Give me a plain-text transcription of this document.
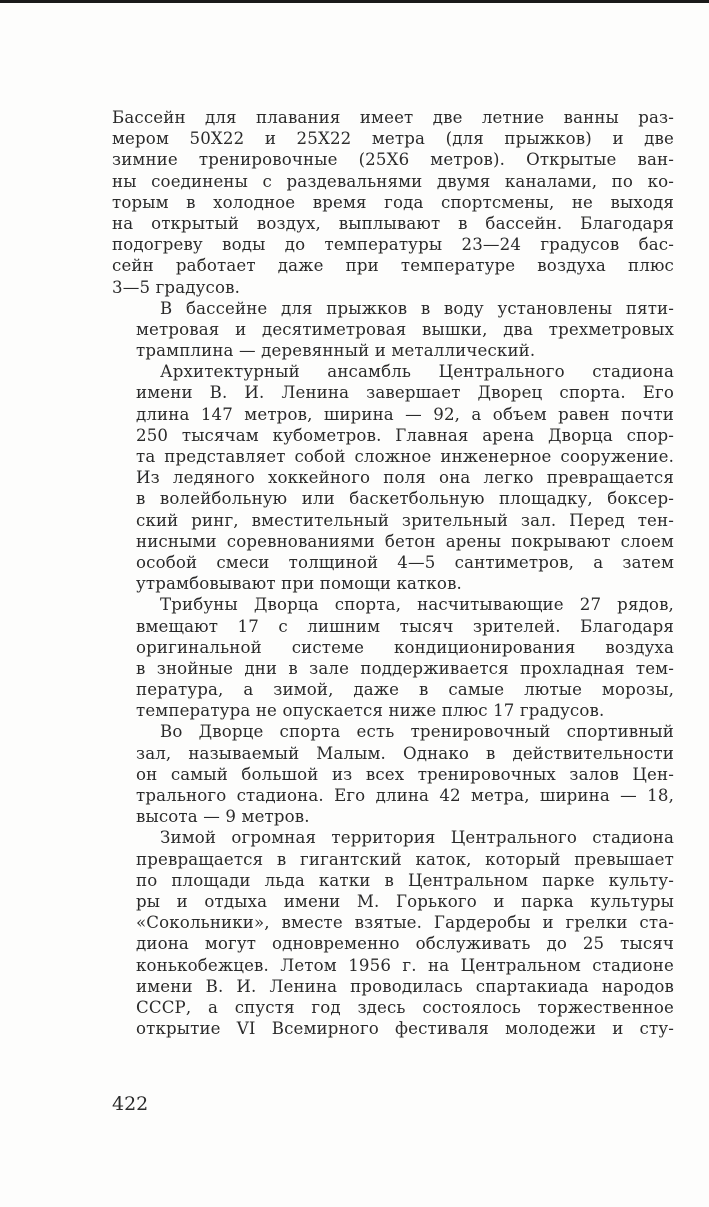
Бассейн для плавания имеет две летние ванны раз-
мером 50Х22 и 25Х22 метра (для прыжков) и две
зимние тренировочные (25Х6 метров). Открытые ван-
ны соединены с раздевальнями двумя каналами, по ко-
торым в холодное время года спортсмены, не выходя
на открытый воздух, выплывают в бассейн. Благодаря
подогреву воды до температуры 23—24 градусов бас-
сейн работает даже при температуре воздуха плюс
3—5 градусов.
В бассейне для прыжков в воду установлены пяти-
метровая и десятиметровая вышки, два трехметровых
трамплина — деревянный и металлический.
Архитектурный ансамбль Центрального стадиона
имени В. И. Ленина завершает Дворец спорта. Его
длина 147 метров, ширина — 92, а объем равен почти
250 тысячам кубометров. Главная арена Дворца спор-
та представляет собой сложное инженерное сооружение.
Из ледяного хоккейного поля она легко превращается
в волейбольную или баскетбольную площадку, боксер-
ский ринг, вместительный зрительный зал. Перед тен-
нисными соревнованиями бетон арены покрывают слоем
особой смеси толщиной 4—5 сантиметров, а затем
утрамбовывают при помощи катков.
Трибуны Дворца спорта, насчитывающие 27 рядов,
вмещают 17 с лишним тысяч зрителей. Благодаря
оригинальной системе кондиционирования воздуха
в знойные дни в зале поддерживается прохладная тем-
пература, а зимой, даже в самые лютые морозы,
температура не опускается ниже плюс 17 градусов.
Во Дворце спорта есть тренировочный спортивный
зал, называемый Малым. Однако в действительности
он самый большой из всех тренировочных залов Цен-
трального стадиона. Его длина 42 метра, ширина — 18,
высота — 9 метров.
Зимой огромная территория Центрального стадиона
превращается в гигантский каток, который превышает
по площади льда катки в Центральном парке культу-
ры и отдыха имени М. Горького и парка культуры
«Сокольники», вместе взятые. Гардеробы и грелки ста-
диона могут одновременно обслуживать до 25 тысяч
конькобежцев. Летом 1956 г. на Центральном стадионе
имени В. И. Ленина проводилась спартакиада народов
СССР, а спустя год здесь состоялось торжественное
открытие VI Всемирного фестиваля молодежи и сту-
422
